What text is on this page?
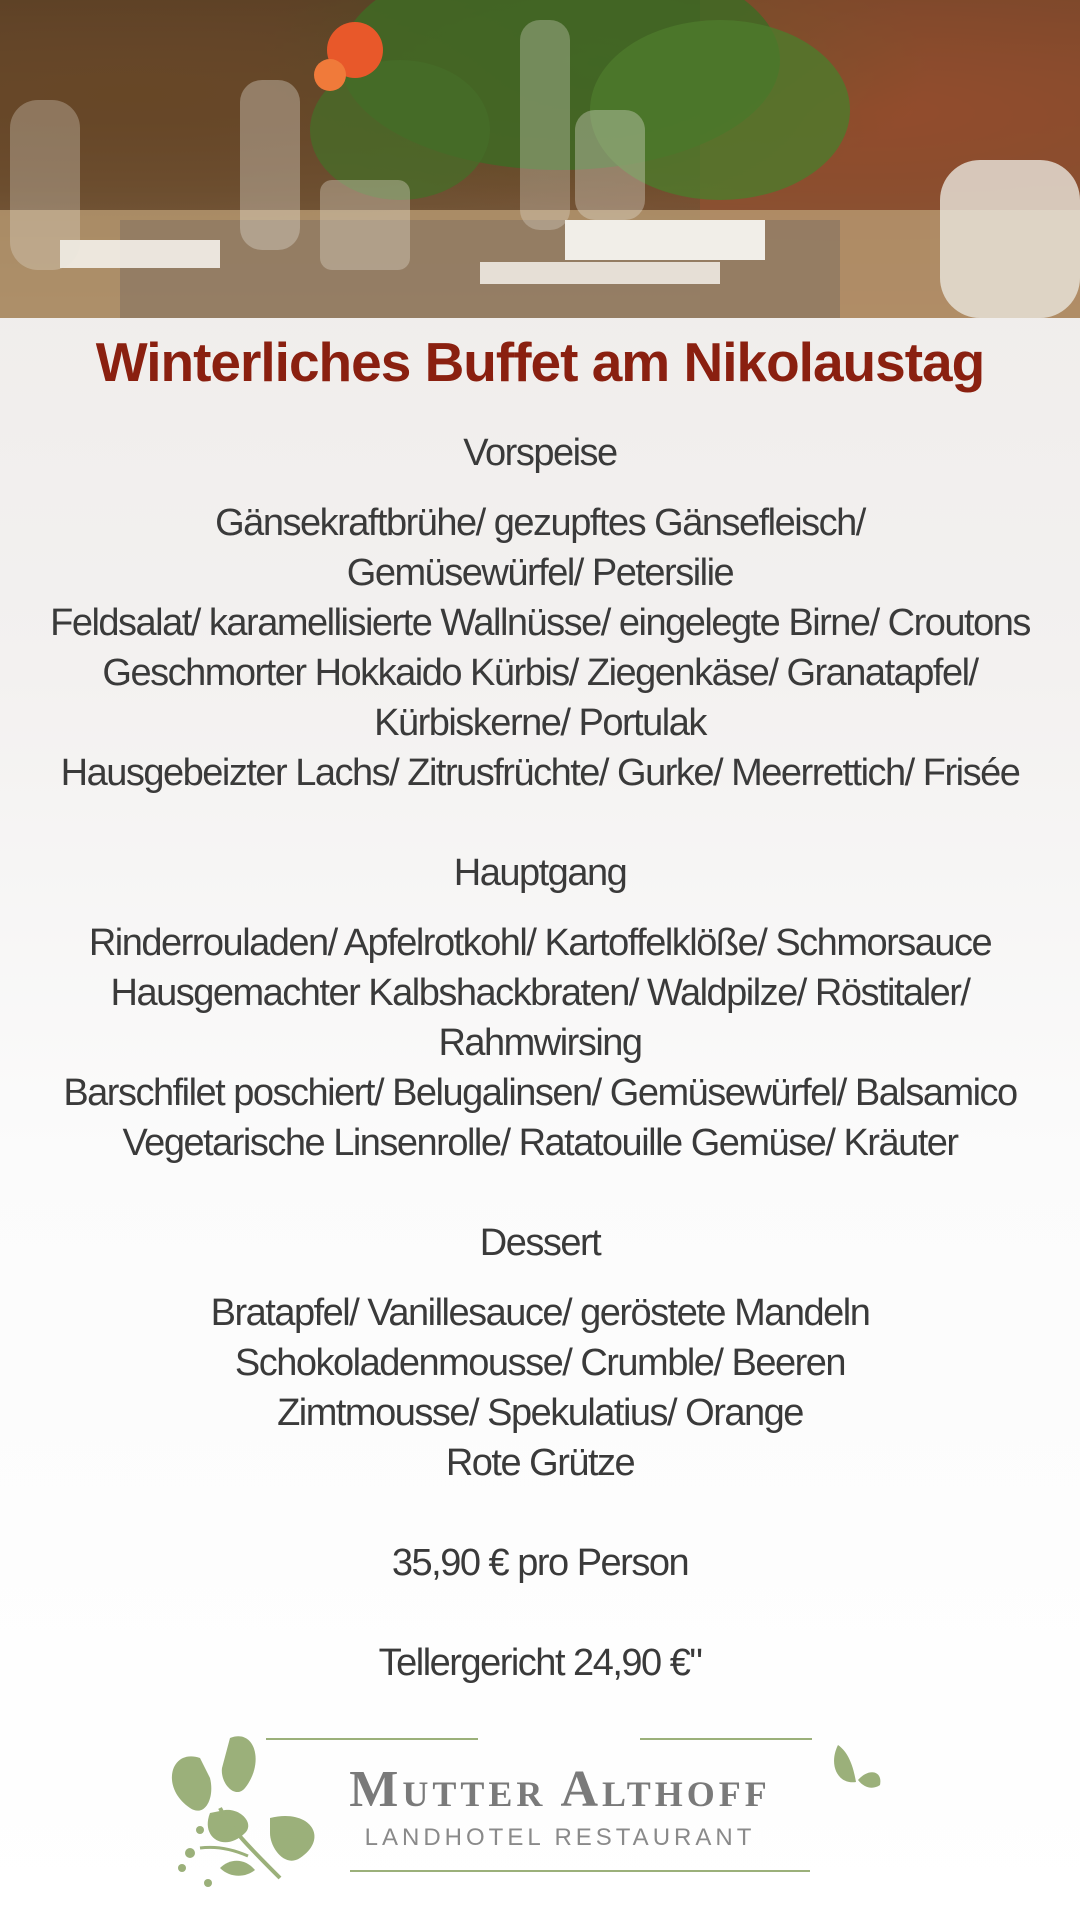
Winterliches Buffet am Nikolaustag
Vorspeise

Gänsekraftbrühe/ gezupftes Gänsefleisch/

Gemüsewürfel/ Petersilie

Feldsalat/ karamellisierte Wallnüsse/ eingelegte Birne/ Croutons

Geschmorter Hokkaido Kürbis/ Ziegenkäse/ Granatapfel/

Kürbiskerne/ Portulak

Hausgebeizter Lachs/ Zitrusfrüchte/ Gurke/ Meerrettich/ Frisée

Hauptgang

Rinderrouladen/ Apfelrotkohl/ Kartoffelklöße/ Schmorsauce

Hausgemachter Kalbshackbraten/ Waldpilze/ Röstitaler/

Rahmwirsing

Barschfilet poschiert/ Belugalinsen/ Gemüsewürfel/ Balsamico

Vegetarische Linsenrolle/ Ratatouille Gemüse/ Kräuter

Dessert

Bratapfel/ Vanillesauce/ geröstete Mandeln

Schokoladenmousse/ Crumble/ Beeren

Zimtmousse/ Spekulatius/ Orange

Rote Grütze

35,90 € pro Person
Tellergericht 24,90 €"
Mutter Althoff
LANDHOTEL RESTAURANT
